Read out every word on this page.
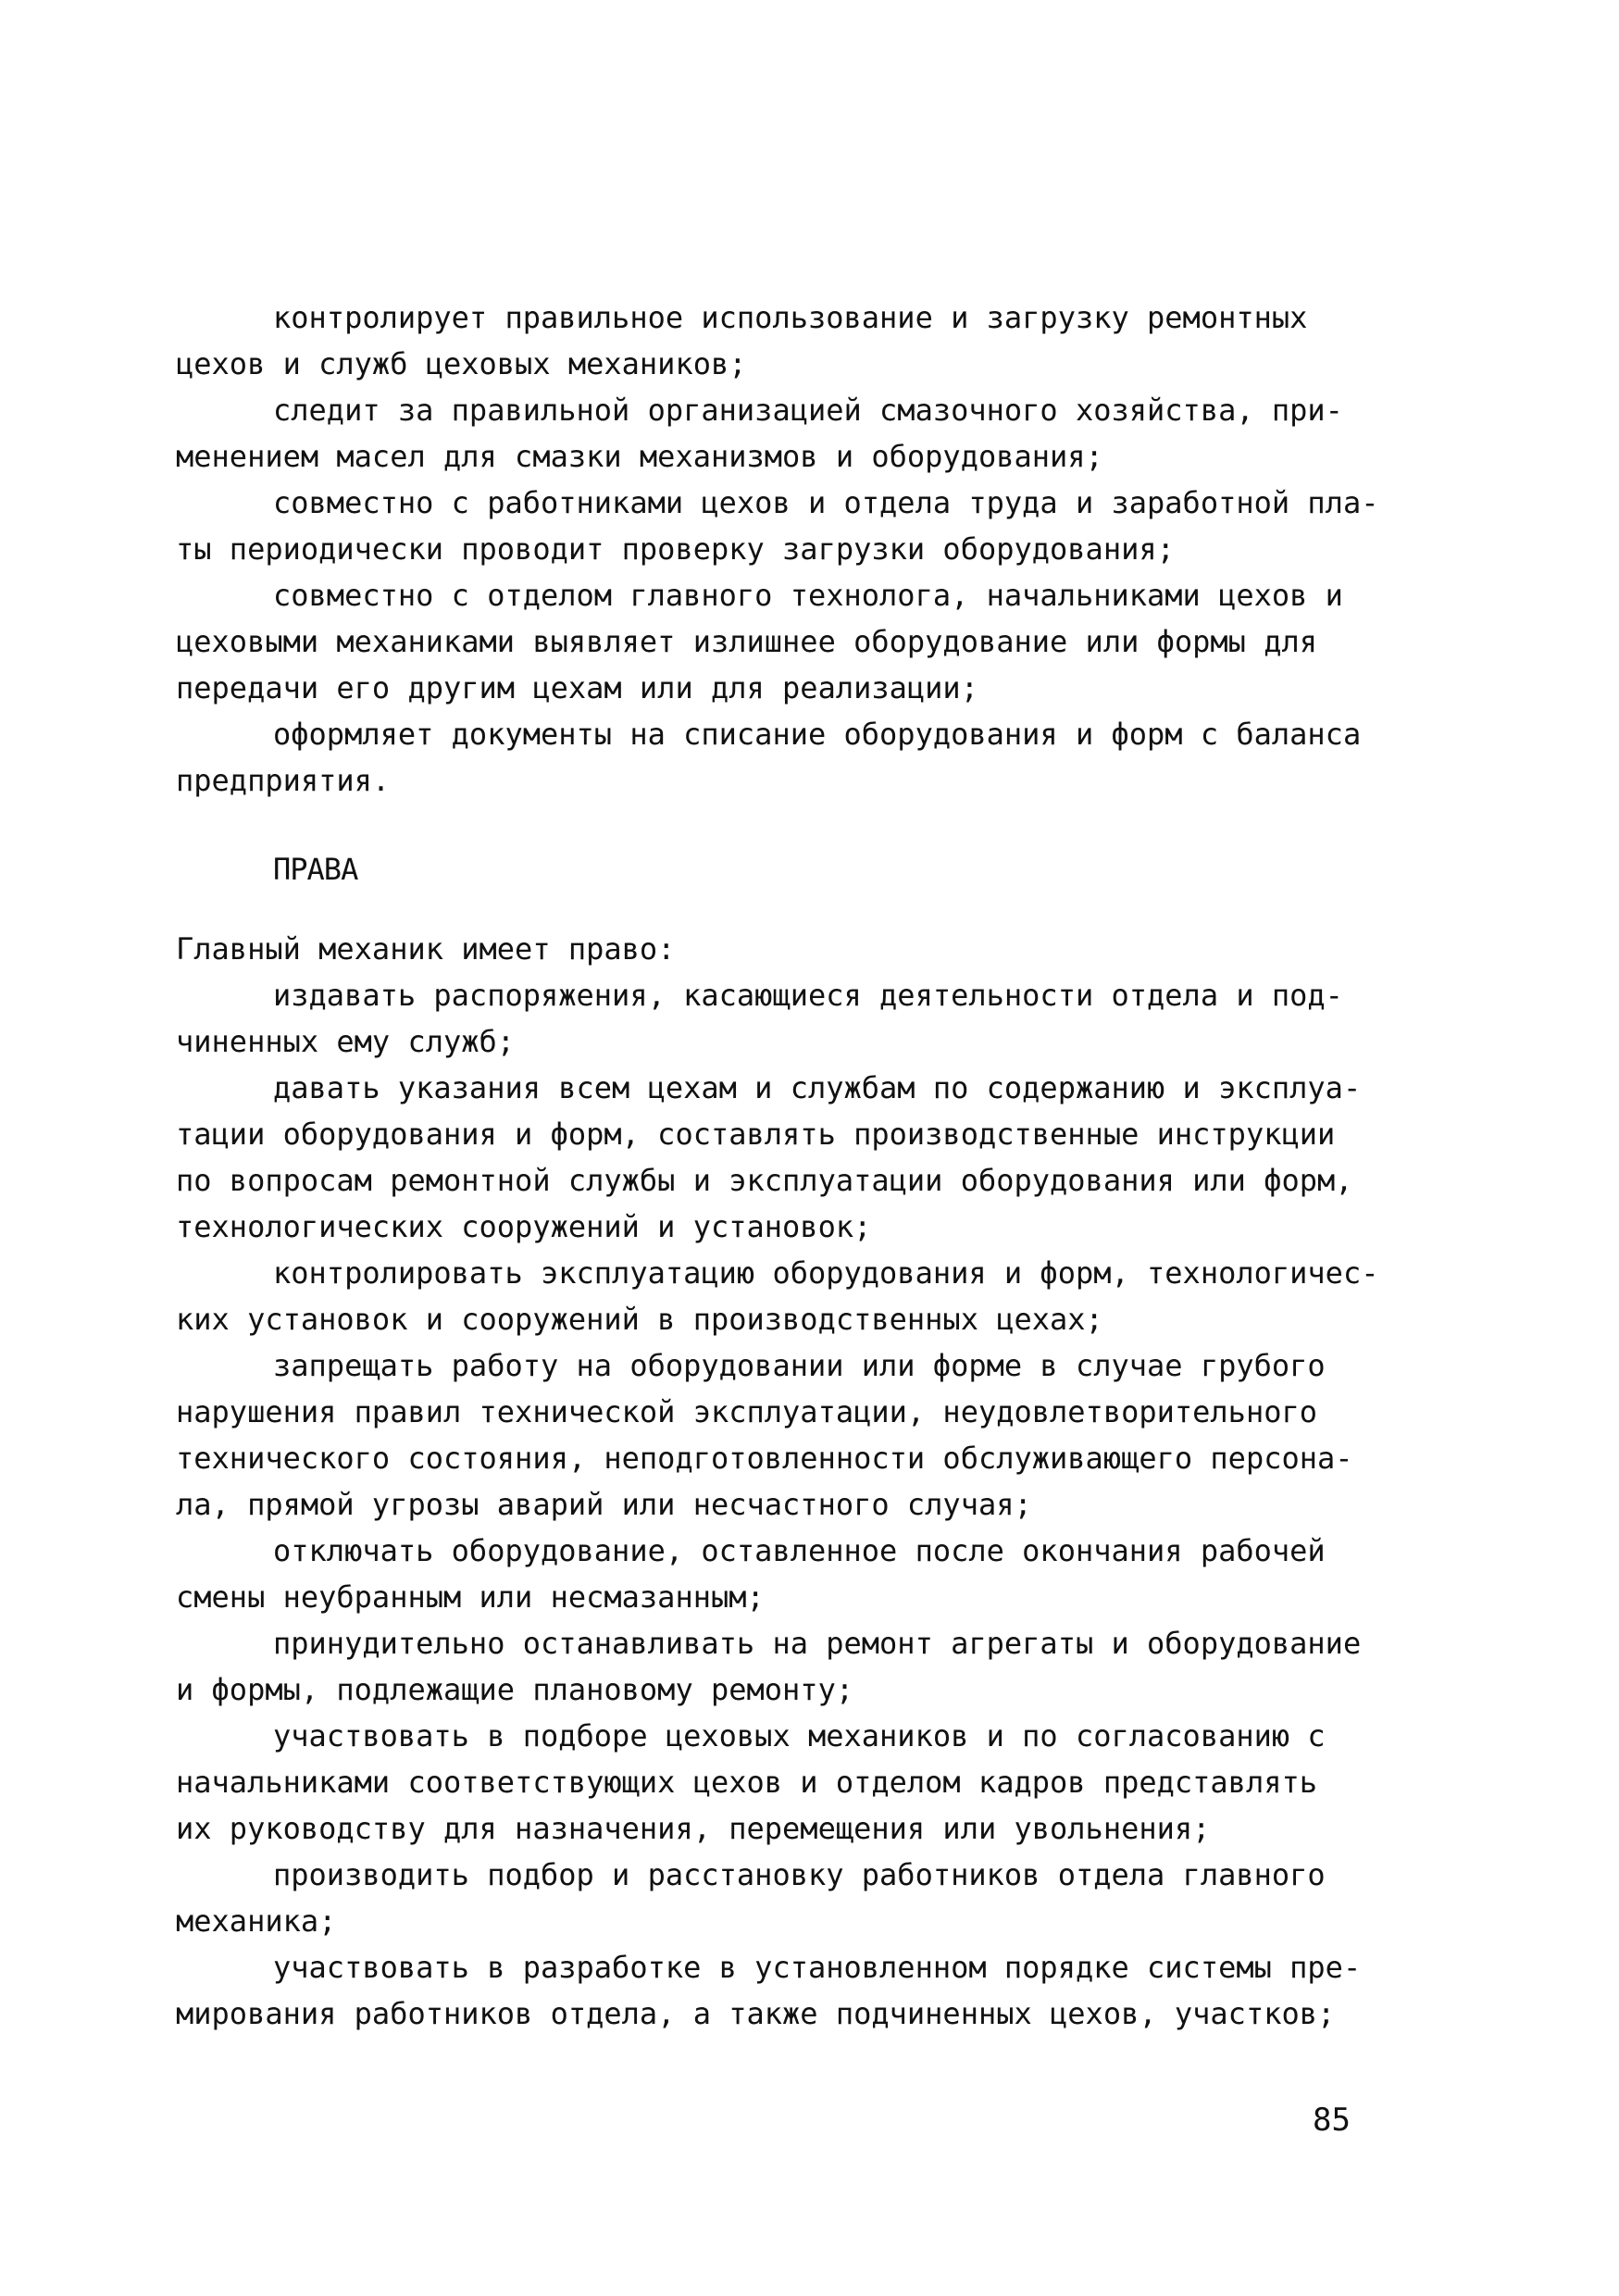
контролирует правильное использование и загрузку ремонтных
цехов и служб цеховых механиков;
следит за правильной организацией смазочного хозяйства, при-
менением масел для смазки механизмов и оборудования;
совместно с работниками цехов и отдела труда и заработной пла-
ты периодически проводит проверку загрузки оборудования;
совместно с отделом главного технолога, начальниками цехов и
цеховыми механиками выявляет излишнее оборудование или формы для
передачи его другим цехам или для реализации;
оформляет документы на списание оборудования и форм с баланса
предприятия.
ПРАВА
Главный механик имеет право:
издавать распоряжения, касающиеся деятельности отдела и под-
чиненных ему служб;
давать указания всем цехам и службам по содержанию и эксплуа-
тации оборудования и форм, составлять производственные инструкции
по вопросам ремонтной службы и эксплуатации оборудования или форм,
технологических сооружений и установок;
контролировать эксплуатацию оборудования и форм, технологичес-
ких установок и сооружений в производственных цехах;
запрещать работу на оборудовании или форме в случае грубого
нарушения правил технической эксплуатации, неудовлетворительного
технического состояния, неподготовленности обслуживающего персона-
ла, прямой угрозы аварий или несчастного случая;
отключать оборудование, оставленное после окончания рабочей
смены неубранным или несмазанным;
принудительно останавливать на ремонт агрегаты и оборудование
и формы, подлежащие плановому ремонту;
участвовать в подборе цеховых механиков и по согласованию с
начальниками соответствующих цехов и отделом кадров представлять
их руководству для назначения, перемещения или увольнения;
производить подбор и расстановку работников отдела главного
механика;
участвовать в разработке в установленном порядке системы пре-
мирования работников отдела, а также подчиненных цехов, участков;
85
